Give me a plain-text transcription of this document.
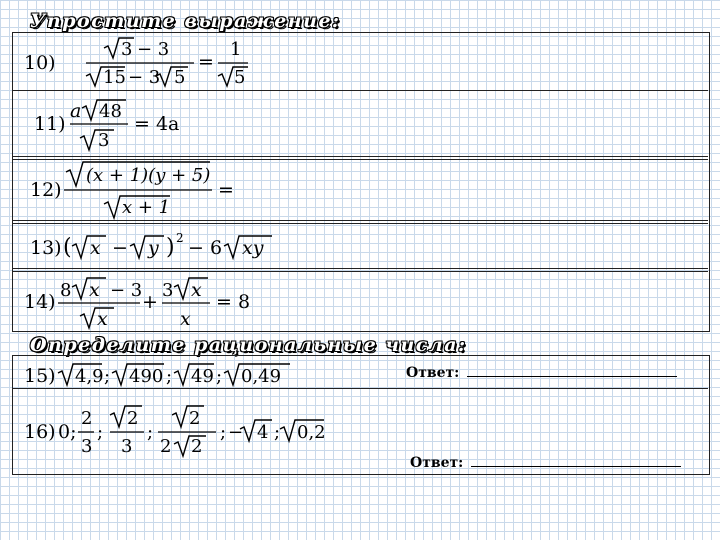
Упростите выражение:
10)
3 − 3
15 − 3 5
=
1
5
11)
a 48
3
= 4a
12)
(x + 1)(y + 5)
x + 1
=
13) ( x − y ) 2 − 6 xy
14)
8 x − 3
x
+
3 x
x
= 8
Определите рациональные числа:
15) 4,9 ; 490 ; 49 ; 0,49	Ответ:
16) 0;
2
3
;
2
3
;
2
2 2
; − 4 ; 0,2
Ответ:
